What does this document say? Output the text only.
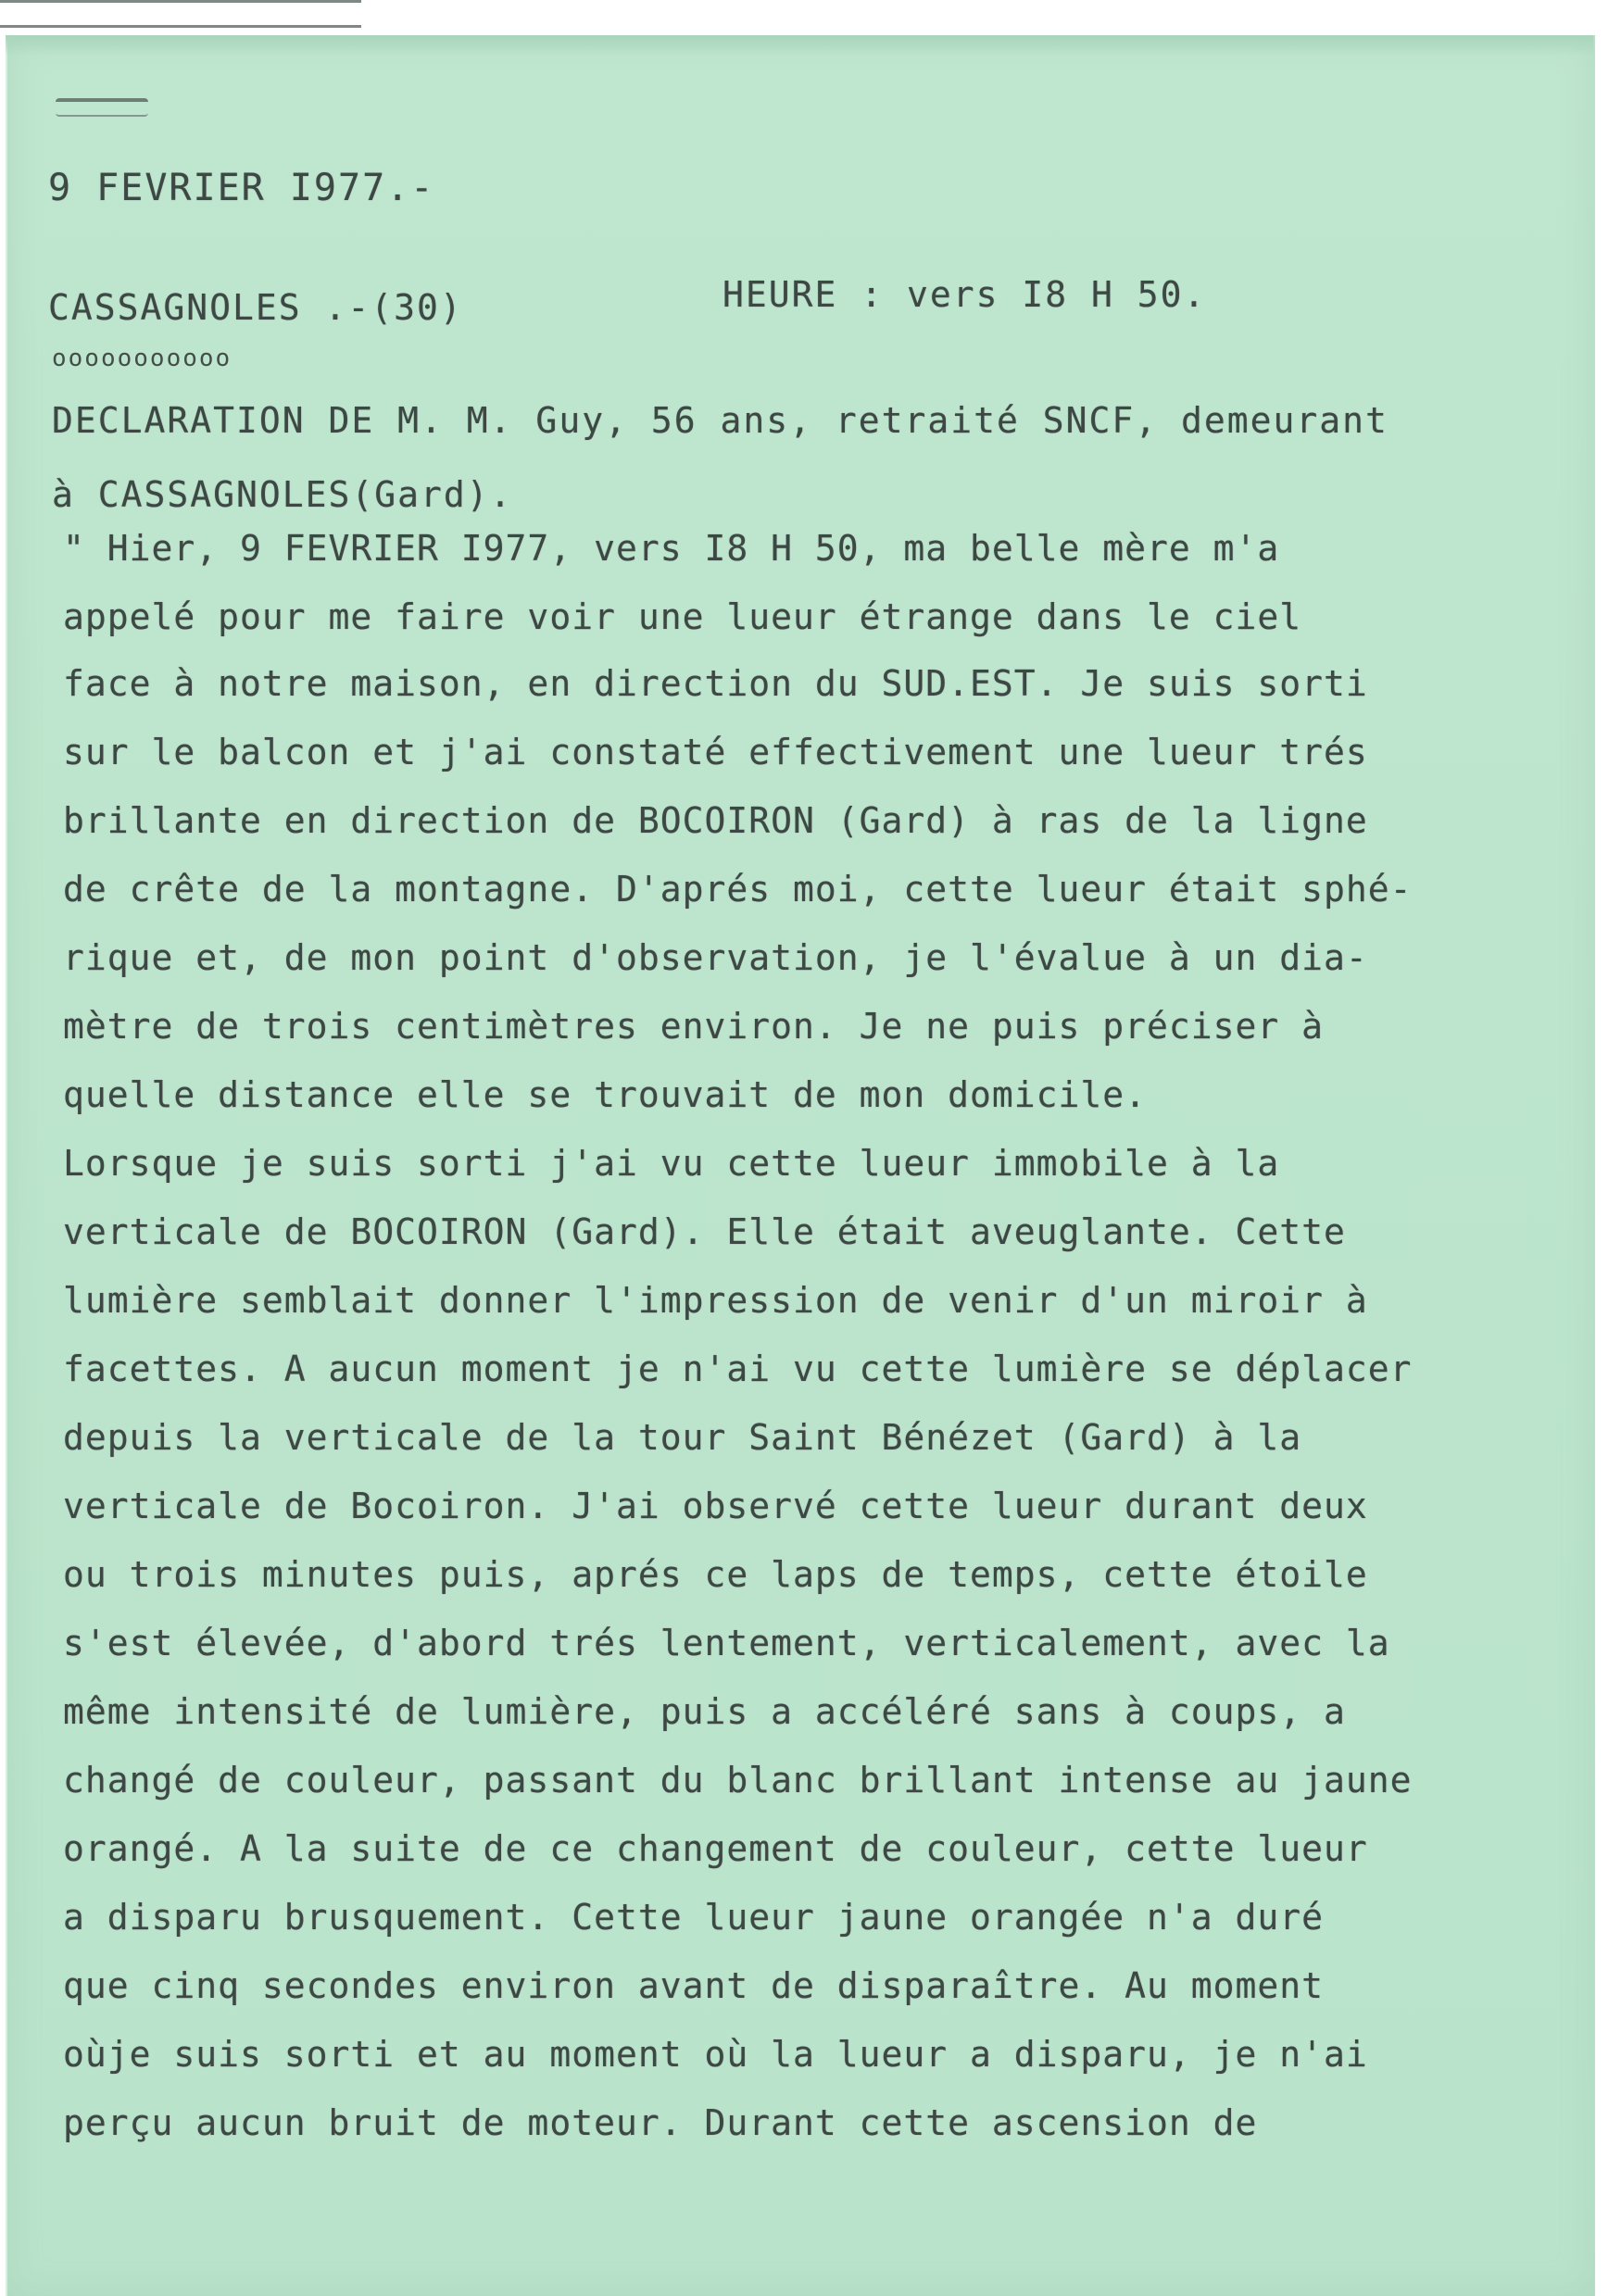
9 FEVRIER I977.-
CASSAGNOLES .-(30)
ooooooooooo
HEURE : vers I8 H 50.
DECLARATION DE M. M. Guy, 56 ans, retraité SNCF, demeurant
à CASSAGNOLES(Gard).
" Hier, 9 FEVRIER I977, vers I8 H 50, ma belle mère m'a
appelé pour me faire voir une lueur étrange dans le ciel
face à notre maison, en direction du SUD.EST. Je suis sorti
sur le balcon et j'ai constaté effectivement une lueur trés
brillante en direction de BOCOIRON (Gard) à ras de la ligne
de crête de la montagne. D'aprés moi, cette lueur était sphé-
rique et, de mon point d'observation, je l'évalue à un dia-
mètre de trois centimètres environ. Je ne puis préciser à
quelle distance elle se trouvait de mon domicile.
Lorsque je suis sorti j'ai vu cette lueur immobile à la
verticale de BOCOIRON (Gard). Elle était aveuglante. Cette
lumière semblait donner l'impression de venir d'un miroir à
facettes. A aucun moment je n'ai vu cette lumière se déplacer
depuis la verticale de la tour Saint Bénézet (Gard) à la
verticale de Bocoiron. J'ai observé cette lueur durant deux
ou trois minutes puis, aprés ce laps de temps, cette étoile
s'est élevée, d'abord trés lentement, verticalement, avec la
même intensité de lumière, puis a accéléré sans à coups, a
changé de couleur, passant du blanc brillant intense au jaune
orangé. A la suite de ce changement de couleur, cette lueur
a disparu brusquement. Cette lueur jaune orangée n'a duré
que cinq secondes environ avant de disparaître. Au moment
oùje suis sorti et au moment où la lueur a disparu, je n'ai
perçu aucun bruit de moteur. Durant cette ascension de
